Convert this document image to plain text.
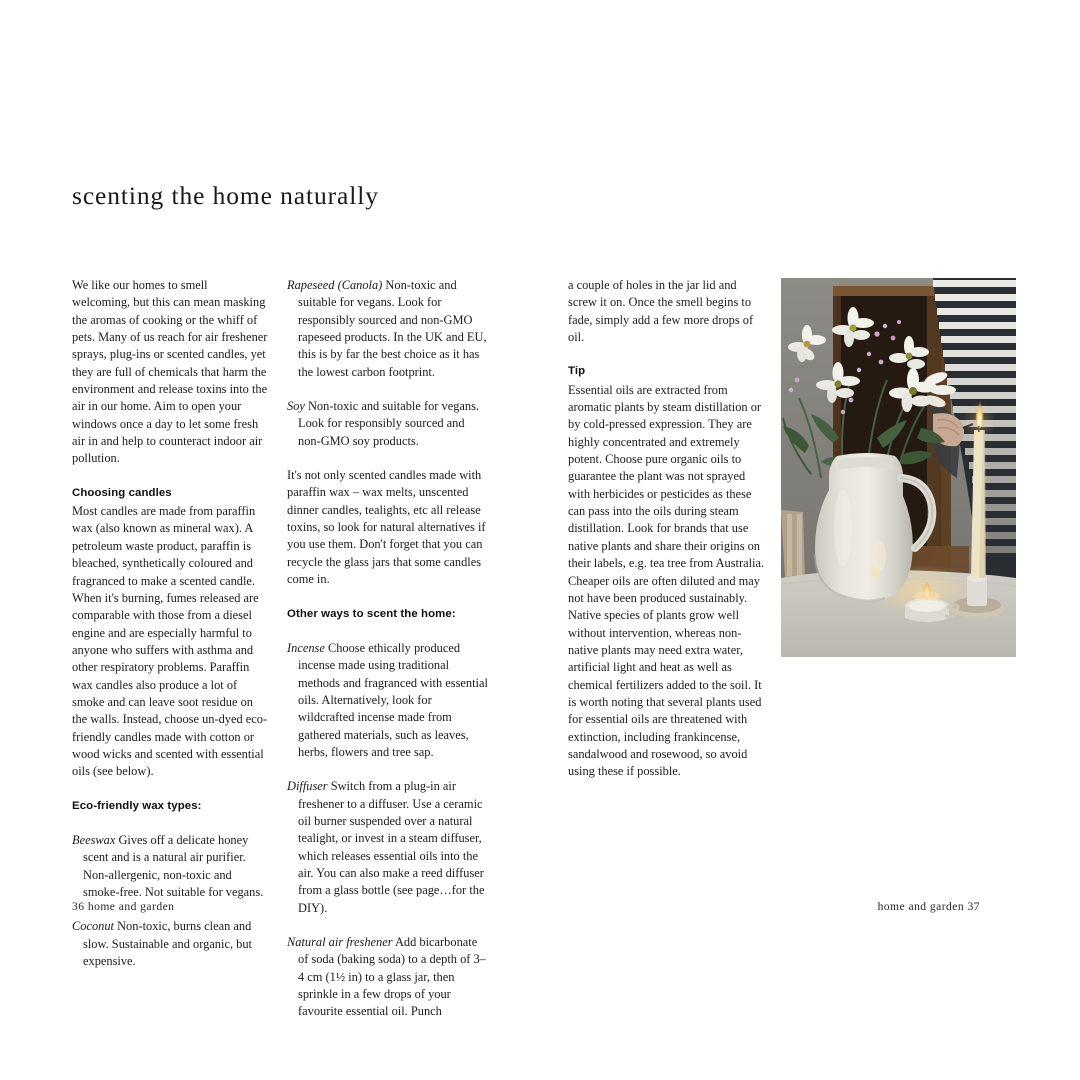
scenting the home naturally

We like our homes to smell welcoming, but this can mean masking the aromas of cooking or the whiff of pets. Many of us reach for air freshener sprays, plug-ins or scented candles, yet they are full of chemicals that harm the environment and release toxins into the air in our home. Aim to open your windows once a day to let some fresh air in and help to counteract indoor air pollution.

Choosing candles

Most candles are made from paraffin wax (also known as mineral wax). A petroleum waste product, paraffin is bleached, synthetically coloured and fragranced to make a scented candle. When it's burning, fumes released are comparable with those from a diesel engine and are especially harmful to anyone who suffers with asthma and other respiratory problems. Paraffin wax candles also produce a lot of smoke and can leave soot residue on the walls. Instead, choose un-dyed eco-friendly candles made with cotton or wood wicks and scented with essential oils (see below).

Eco-friendly wax types:

Beeswax Gives off a delicate honey scent and is a natural air purifier. Non-allergenic, non-toxic and smoke-free. Not suitable for vegans.

Coconut Non-toxic, burns clean and slow. Sustainable and organic, but expensive.

Rapeseed (Canola) Non-toxic and suitable for vegans. Look for responsibly sourced and non-GMO rapeseed products. In the UK and EU, this is by far the best choice as it has the lowest carbon footprint.

Soy Non-toxic and suitable for vegans. Look for responsibly sourced and non-GMO soy products.

It's not only scented candles made with paraffin wax – wax melts, unscented dinner candles, tealights, etc all release toxins, so look for natural alternatives if you use them. Don't forget that you can recycle the glass jars that some candles come in.

Other ways to scent the home:

Incense Choose ethically produced incense made using traditional methods and fragranced with essential oils. Alternatively, look for wildcrafted incense made from gathered materials, such as leaves, herbs, flowers and tree sap.

Diffuser Switch from a plug-in air freshener to a diffuser. Use a ceramic oil burner suspended over a natural tealight, or invest in a steam diffuser, which releases essential oils into the air. You can also make a reed diffuser from a glass bottle (see page…for the DIY).

Natural air freshener Add bicarbonate of soda (baking soda) to a depth of 3–4 cm (1½ in) to a glass jar, then sprinkle in a few drops of your favourite essential oil. Punch

a couple of holes in the jar lid and screw it on. Once the smell begins to fade, simply add a few more drops of oil.

Tip

Essential oils are extracted from aromatic plants by steam distillation or by cold-pressed expression. They are highly concentrated and extremely potent. Choose pure organic oils to guarantee the plant was not sprayed with herbicides or pesticides as these can pass into the oils during steam distillation. Look for brands that use native plants and share their origins on their labels, e.g. tea tree from Australia. Cheaper oils are often diluted and may not have been produced sustainably. Native species of plants grow well without intervention, whereas non-native plants may need extra water, artificial light and heat as well as chemical fertilizers added to the soil. It is worth noting that several plants used for essential oils are threatened with extinction, including frankincense, sandalwood and rosewood, so avoid using these if possible.

36 home and garden	home and garden 37
